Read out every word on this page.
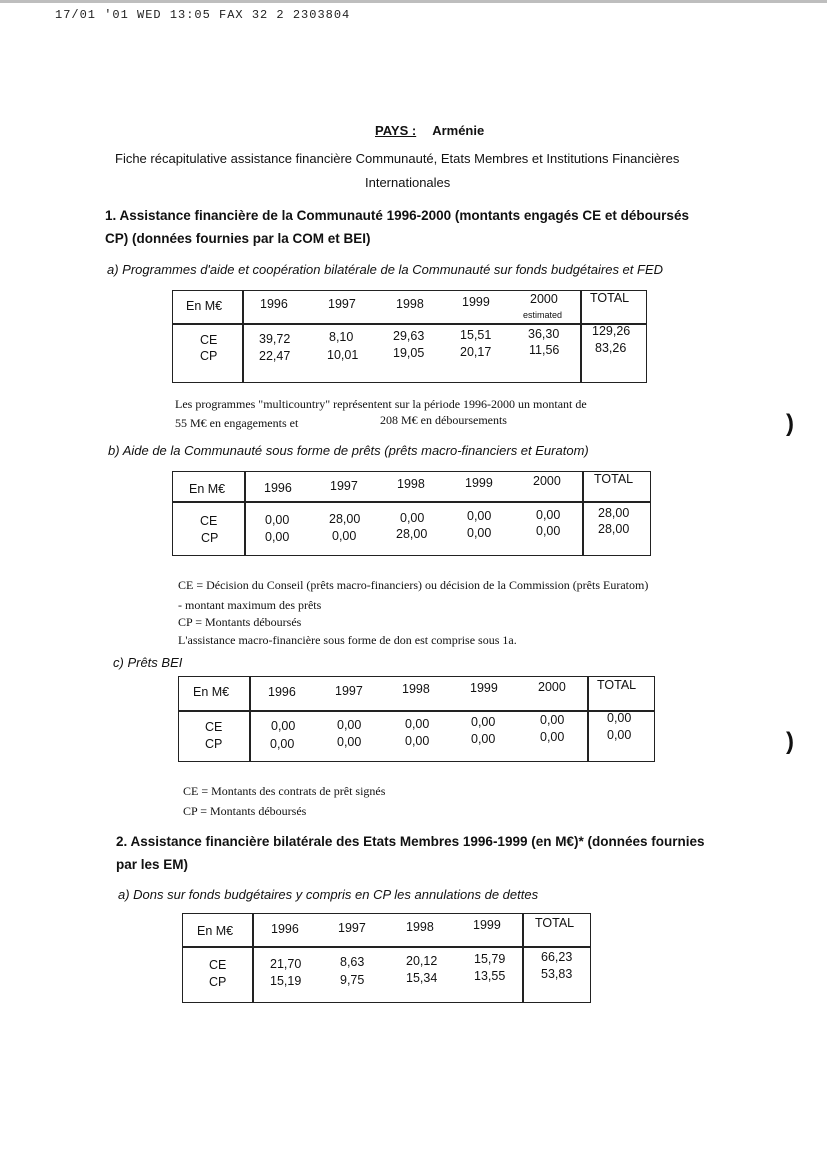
17/01 '01 WED 13:05 FAX 32 2 2303804
PAYS : Arménie
Fiche récapitulative assistance financière Communauté, Etats Membres et Institutions Financières
Internationales
1. Assistance financière de la Communauté 1996-2000 (montants engagés CE et déboursés
CP) (données fournies par la COM et BEI)
a) Programmes d'aide et coopération bilatérale de la Communauté sur fonds budgétaires et FED
En M€	1996	1997	1998	1999	2000
estimated
TOTAL
CE	39,72	8,10	29,63	15,51	36,30	129,26
CP	22,47	10,01	19,05	20,17	11,56	83,26
Les programmes "multicountry" représentent sur la période 1996-2000 un montant de
55 M€ en engagements et	208 M€ en déboursements
b) Aide de la Communauté sous forme de prêts (prêts macro-financiers et Euratom)
En M€	1996	1997	1998	1999	2000	TOTAL
CE	0,00	28,00	0,00	0,00	0,00	28,00
CP	0,00	0,00	28,00	0,00	0,00	28,00
CE = Décision du Conseil (prêts macro-financiers) ou décision de la Commission (prêts Euratom)
- montant maximum des prêts
CP = Montants déboursés
L'assistance macro-financière sous forme de don est comprise sous 1a.
c) Prêts BEI
En M€	1996	1997	1998	1999	2000 TOTAL
CE	0,00	0,00	0,00	0,00	0,00	0,00
CP	0,00	0,00	0,00	0,00	0,00	0,00
CE = Montants des contrats de prêt signés
CP = Montants déboursés
2. Assistance financière bilatérale des Etats Membres 1996-1999 (en M€)* (données fournies
par les EM)
a) Dons sur fonds budgétaires y compris en CP les annulations de dettes
En M€	1996	1997	1998	1999	TOTAL
CE	21,70	8,63	20,12	15,79	66,23
CP	15,19	9,75	15,34	13,55	53,83
)
)
